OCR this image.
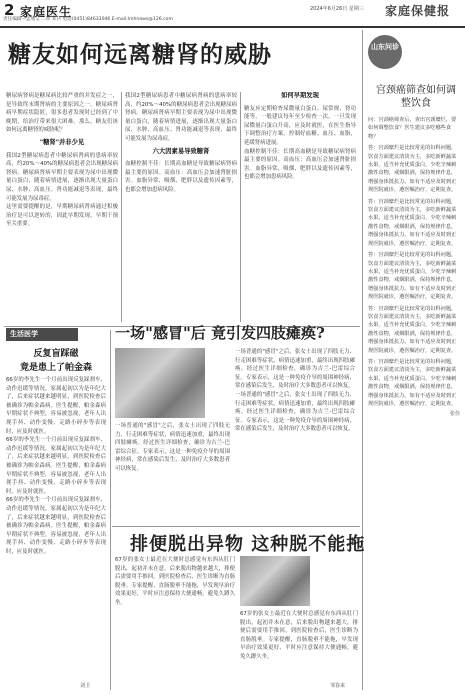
2 家庭医生
责任编辑—孟加艾 二审 邓兵 电话(0451)84633046 E-mail:lmhnews@126.com
2024年6月26日 星期三 家庭保健报
糖友如何远离糖肾的威胁
糖尿病肾病是糖尿病比较严重的并发症之一，是导致终末期肾病的主要原因之一。糖尿病肾病早期症状隐匿，很多患者发现时已经到了中晚期，给治疗带来很大困难。那么，糖友们该如何远离糖肾的威胁呢？
"糖肾"并非少见
我国2型糖尿病患者中糖尿病肾病的患病率较高，约20%～40%的糖尿病患者会出现糖尿病肾病。糖尿病肾病早期主要表现为尿中出现微量白蛋白，随着病情进展，逐渐出现大量蛋白尿、水肿、高血压、肾功能减退等表现，最终可能发展为尿毒症。
这里需要提醒的是，早期糖尿病肾病通过积极治疗是可以逆转的，因此早期发现、早期干预至关重要。
我国2型糖尿病患者中糖尿病肾病的患病率较高，约20%～40%的糖尿病患者会出现糖尿病肾病。糖尿病肾病早期主要表现为尿中出现微量白蛋白，随着病情进展，逐渐出现大量蛋白尿、水肿、高血压、肾功能减退等表现，最终可能发展为尿毒症。
六大因素易导致糖肾
血糖控制不佳：长期高血糖是导致糖尿病肾病最主要的原因。高血压：高血压会加速肾脏损害。血脂异常、吸烟、肥胖以及遗传因素等，也都会增加患病风险。
如何早期发现
糖友应定期检查尿微量白蛋白、尿常规、肾功能等，一般建议每年至少检查一次。一旦发现尿微量白蛋白升高，应及时就医，在医生指导下调整治疗方案，控制好血糖、血压、血脂，延缓肾病进展。
血糖控制不佳：长期高血糖是导致糖尿病肾病最主要的原因。高血压：高血压会加速肾脏损害。血脂异常、吸烟、肥胖以及遗传因素等，也都会增加患病风险。
山东问诊
宫颈癌筛查如何调整饮食
问：宫颈癌筛查后，查出宫颈糜烂，要如何调整饮食？医生建议多吃哪些食物？
答：宫颈糜烂是比较常见的妇科问题，饮食方面建议清淡为主，多吃新鲜蔬菜水果，适当补充优质蛋白，少吃辛辣刺激性食物，戒烟限酒，保持规律作息，增强身体抵抗力。如有不适应及时到正规医院就诊，遵医嘱治疗，定期复查。
答：宫颈糜烂是比较常见的妇科问题，饮食方面建议清淡为主，多吃新鲜蔬菜水果，适当补充优质蛋白，少吃辛辣刺激性食物，戒烟限酒，保持规律作息，增强身体抵抗力。如有不适应及时到正规医院就诊，遵医嘱治疗，定期复查。
答：宫颈糜烂是比较常见的妇科问题，饮食方面建议清淡为主，多吃新鲜蔬菜水果，适当补充优质蛋白，少吃辛辣刺激性食物，戒烟限酒，保持规律作息，增强身体抵抗力。如有不适应及时到正规医院就诊，遵医嘱治疗，定期复查。
答：宫颈糜烂是比较常见的妇科问题，饮食方面建议清淡为主，多吃新鲜蔬菜水果，适当补充优质蛋白，少吃辛辣刺激性食物，戒烟限酒，保持规律作息，增强身体抵抗力。如有不适应及时到正规医院就诊，遵医嘱治疗，定期复查。
答：宫颈糜烂是比较常见的妇科问题，饮食方面建议清淡为主，多吃新鲜蔬菜水果，适当补充优质蛋白，少吃辛辣刺激性食物，戒烟限酒，保持规律作息，增强身体抵抗力。如有不适应及时到正规医院就诊，遵医嘱治疗，定期复查。
张佳
生活医学
反复盲踩磁
竟是患上了帕金森
66岁的李先生一个月前出现反复踩刹车、动作迟缓等情况，家属起初以为是年纪大了，后来症状越来越明显，到医院检查后被确诊为帕金森病。医生提醒，帕金森病早期症状不典型，容易被忽视，老年人出现手抖、动作变慢、走路小碎步等表现时，应及时就医。
66岁的李先生一个月前出现反复踩刹车、动作迟缓等情况，家属起初以为是年纪大了，后来症状越来越明显，到医院检查后被确诊为帕金森病。医生提醒，帕金森病早期症状不典型，容易被忽视，老年人出现手抖、动作变慢、走路小碎步等表现时，应及时就医。
66岁的李先生一个月前出现反复踩刹车、动作迟缓等情况，家属起初以为是年纪大了，后来症状越来越明显，到医院检查后被确诊为帕金森病。医生提醒，帕金森病早期症状不典型，容易被忽视，老年人出现手抖、动作变慢、走路小碎步等表现时，应及时就医。
刘卫
一场"感冒"后 竟引发四肢瘫痪?
一场普通的"感冒"之后，张女士出现了四肢无力、行走困难等症状，病情迅速加重，最终出现四肢瘫痪。经过医生详细检查，确诊为吉兰-巴雷综合征。专家表示，这是一种免疫介导的周围神经病，常在感染后发生，及时治疗大多数患者可以恢复。
一场普通的"感冒"之后，张女士出现了四肢无力、行走困难等症状，病情迅速加重，最终出现四肢瘫痪。经过医生详细检查，确诊为吉兰-巴雷综合征。专家表示，这是一种免疫介导的周围神经病，常在感染后发生，及时治疗大多数患者可以恢复。
一场普通的"感冒"之后，张女士出现了四肢无力、行走困难等症状，病情迅速加重，最终出现四肢瘫痪。经过医生详细检查，确诊为吉兰-巴雷综合征。专家表示，这是一种免疫介导的周围神经病，常在感染后发生，及时治疗大多数患者可以恢复。
排便脱出异物 这种脱不能拖
67岁的张女士最近在大便时总感觉有东西从肛门脱出，起初并未在意，后来脱出物越来越大，排便后需要用手推回。到医院检查后，医生诊断为直肠脱垂。专家提醒，直肠脱垂不能拖，早发现早治疗效果更好，平时应注意保持大便通畅，避免久蹲久坐。
67岁的张女士最近在大便时总感觉有东西从肛门脱出，起初并未在意，后来脱出物越来越大，排便后需要用手推回。到医院检查后，医生诊断为直肠脱垂。专家提醒，直肠脱垂不能拖，早发现早治疗效果更好，平时应注意保持大便通畅，避免久蹲久坐。
邹春来
